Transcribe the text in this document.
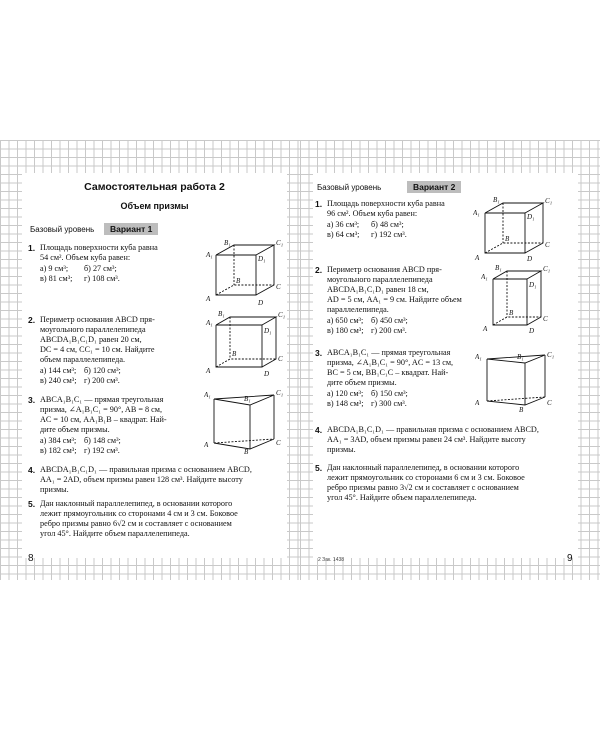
Самостоятельная работа 2
Объем призмы
Базовый уровень	Вариант 1
1. Площадь поверхности куба равна
54 см². Объем куба равен:
а) 9 см³; б) 27 см³;
в) 81 см³; г) 108 см³.
2. Периметр основания ABCD пря-
моугольного параллелепипеда
ABCDA₁B₁C₁D₁ равен 20 см,
DC = 4 см, CC₁ = 10 см. Найдите
объем параллелепипеда.
а) 144 см³; б) 120 см³;
в) 240 см³; г) 200 см³.
3. ABCA₁B₁C₁ — прямая треугольная
призма, ∠A₁B₁C₁ = 90°, AB = 8 см,
AC = 10 см, AA₁B₁B – квадрат. Най-
дите объем призмы.
а) 384 см³; б) 148 см³;
в) 182 см³; г) 192 см³.
4. ABCDA₁B₁C₁D₁ — правильная призма с основанием ABCD,
AA₁ = 2AD, объем призмы равен 128 см³. Найдите высоту
призмы.
5. Дан наклонный параллелепипед, в основании которого
лежит прямоугольник со сторонами 4 см и 3 см. Боковое
ребро призмы равно 6√2 см и составляет с основанием
угол 45°. Найдите объем параллелепипеда.
B₁	C₁
A₁	D₁
B
C
A	D
B₁	C₁
A₁
D₁
B
C
A	D
A₁	B₁
C₁
A
B
C
8
Базовый уровень	Вариант 2
1. Площадь поверхности куба равна
96 см². Объем куба равен:
а) 36 см³; б) 48 см³;
в) 64 см³; г) 192 см³.
2. Периметр основания ABCD пря-
моугольного параллелепипеда
ABCDA₁B₁C₁D₁ равен 18 см,
AD = 5 см, AA₁ = 9 см. Найдите объем
параллелепипеда.
а) 650 см³; б) 450 см³;
в) 180 см³; г) 200 см³.
3. ABCA₁B₁C₁ — прямая треугольная
призма, ∠A₁B₁C₁ = 90°, AC = 13 см,
BC = 5 см, BB₁C₁C – квадрат. Най-
дите объем призмы.
а) 120 см³; б) 150 см³;
в) 148 см³; г) 300 см³.
4. ABCDA₁B₁C₁D₁ — правильная призма с основанием ABCD,
AA₁ = 3AD, объем призмы равен 24 см³. Найдите высоту
призмы.
5. Дан наклонный параллелепипед, в основании которого
лежит прямоугольник со сторонами 6 см и 3 см. Боковое
ребро призмы равно 3√2 см и составляет с основанием
угол 45°. Найдите объем параллелепипеда.
B₁	C₁
A₁	D₁
B
C
A	D
B₁	C₁
A₁
D₁
B
C
A	D
A₁	B₁	C₁
A
B
C
2 Зак. 1438	9
